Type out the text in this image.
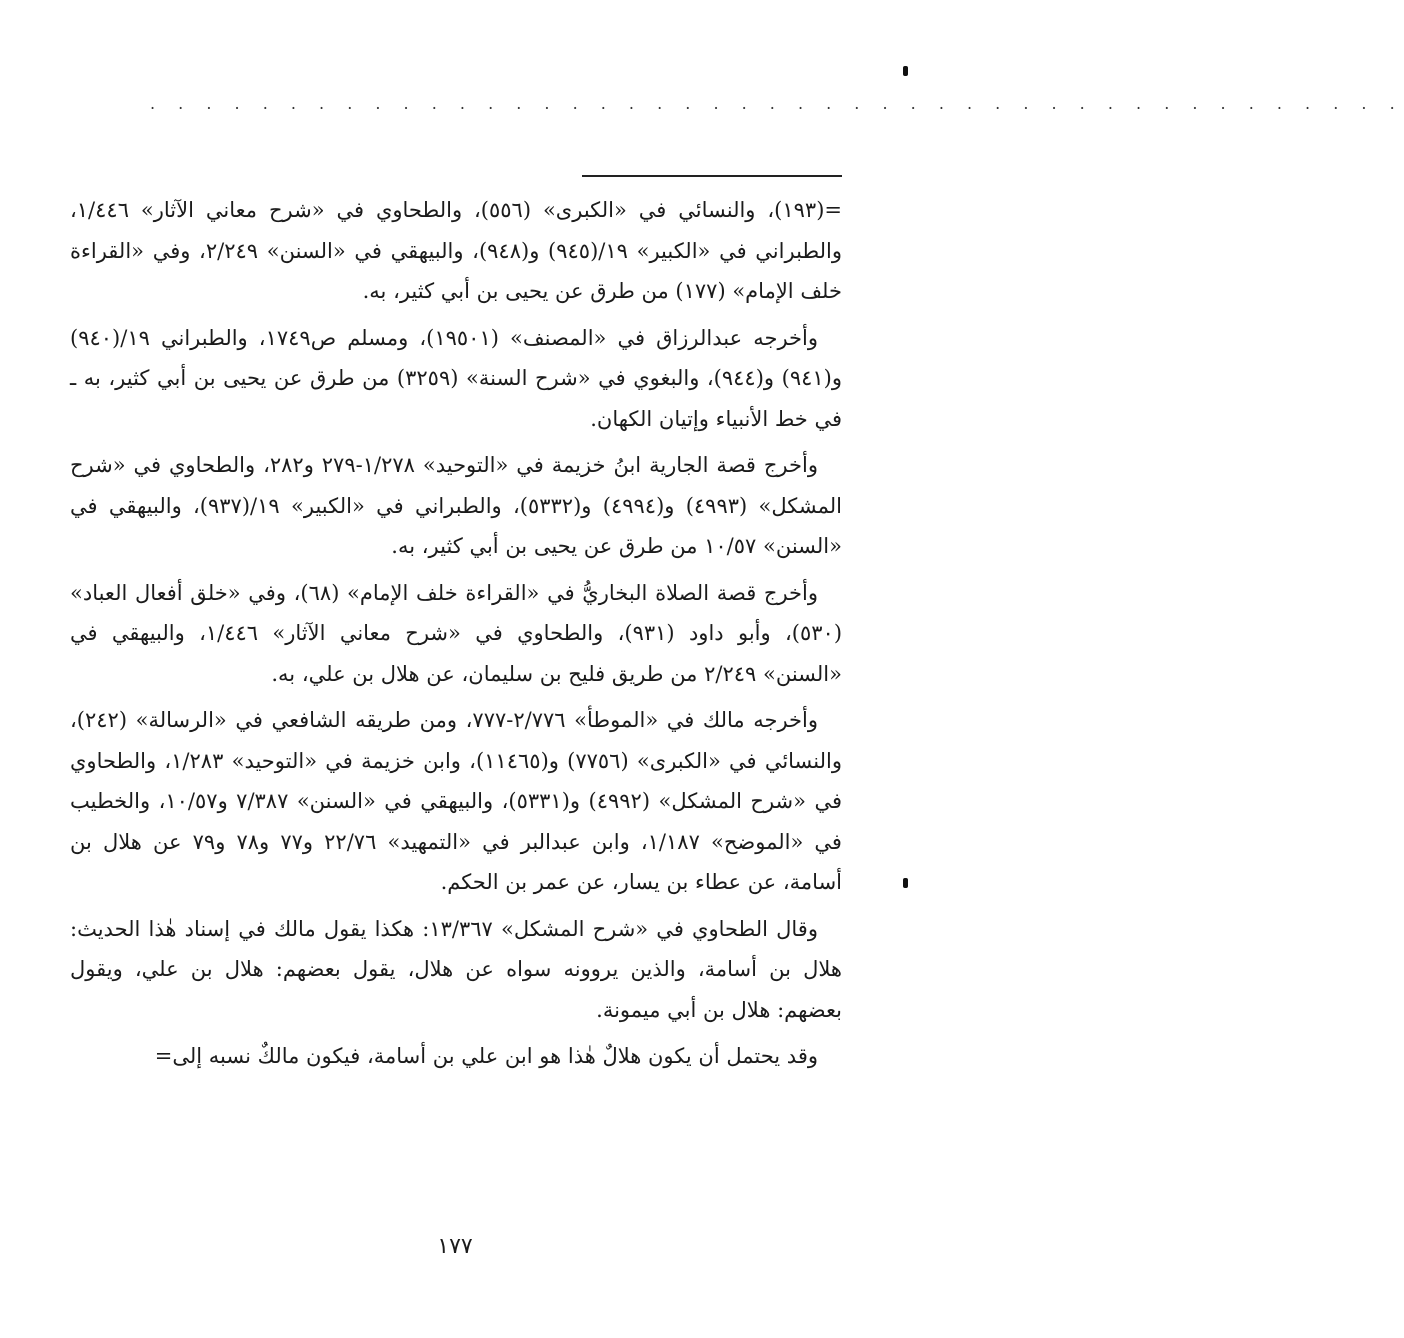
. . . . . . . . . . . . . . . . . . . . . . . . . . . . . . . . . . . . . . . . . . . . .

=(١٩٣)، والنسائي في «الكبرى» (٥٥٦)، والطحاوي في «شرح معاني الآثار» ١/٤٤٦، والطبراني في «الكبير» ١٩/(٩٤٥) و(٩٤٨)، والبيهقي في «السنن» ٢/٢٤٩، وفي «القراءة خلف الإمام» (١٧٧) من طرق عن يحيى بن أبي كثير، به.

وأخرجه عبدالرزاق في «المصنف» (١٩٥٠١)، ومسلم ص١٧٤٩، والطبراني ١٩/(٩٤٠) و(٩٤١) و(٩٤٤)، والبغوي في «شرح السنة» (٣٢٥٩) من طرق عن يحيى بن أبي كثير، به ـ في خط الأنبياء وإتيان الكهان.

وأخرج قصة الجارية ابنُ خزيمة في «التوحيد» ١/٢٧٨-٢٧٩ و٢٨٢، والطحاوي في «شرح المشكل» (٤٩٩٣) و(٤٩٩٤) و(٥٣٣٢)، والطبراني في «الكبير» ١٩/(٩٣٧)، والبيهقي في «السنن» ١٠/٥٧ من طرق عن يحيى بن أبي كثير، به.

وأخرج قصة الصلاة البخاريُّ في «القراءة خلف الإمام» (٦٨)، وفي «خلق أفعال العباد» (٥٣٠)، وأبو داود (٩٣١)، والطحاوي في «شرح معاني الآثار» ١/٤٤٦، والبيهقي في «السنن» ٢/٢٤٩ من طريق فليح بن سليمان، عن هلال بن علي، به.

وأخرجه مالك في «الموطأ» ٢/٧٧٦-٧٧٧، ومن طريقه الشافعي في «الرسالة» (٢٤٢)، والنسائي في «الكبرى» (٧٧٥٦) و(١١٤٦٥)، وابن خزيمة في «التوحيد» ١/٢٨٣، والطحاوي في «شرح المشكل» (٤٩٩٢) و(٥٣٣١)، والبيهقي في «السنن» ٧/٣٨٧ و١٠/٥٧، والخطيب في «الموضح» ١/١٨٧، وابن عبدالبر في «التمهيد» ٢٢/٧٦ و٧٧ و٧٨ و٧٩ عن هلال بن أسامة، عن عطاء بن يسار، عن عمر بن الحكم.

وقال الطحاوي في «شرح المشكل» ١٣/٣٦٧: هكذا يقول مالك في إسناد هٰذا الحديث: هلال بن أسامة، والذين يروونه سواه عن هلال، يقول بعضهم: هلال بن علي، ويقول بعضهم: هلال بن أبي ميمونة.

وقد يحتمل أن يكون هلالٌ هٰذا هو ابن علي بن أسامة، فيكون مالكٌ نسبه إلى=

١٧٧
